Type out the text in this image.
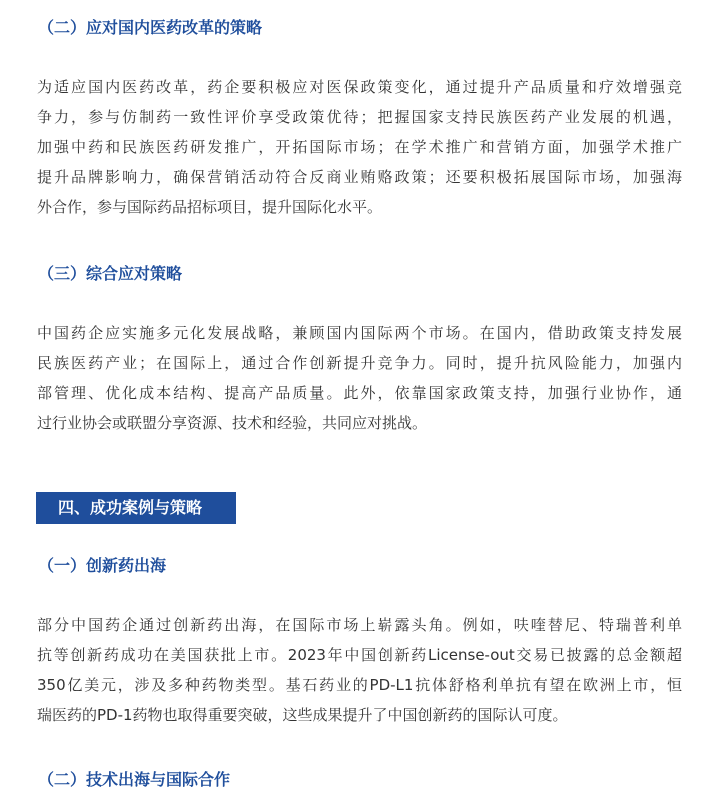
（二）应对国内医药改革的策略
为适应国内医药改革，药企要积极应对医保政策变化，通过提升产品质量和疗效增强竞
争力，参与仿制药一致性评价享受政策优待；把握国家支持民族医药产业发展的机遇，
加强中药和民族医药研发推广，开拓国际市场；在学术推广和营销方面，加强学术推广
提升品牌影响力，确保营销活动符合反商业贿赂政策；还要积极拓展国际市场，加强海
外合作，参与国际药品招标项目，提升国际化水平。
（三）综合应对策略
中国药企应实施多元化发展战略，兼顾国内国际两个市场。在国内，借助政策支持发展
民族医药产业；在国际上，通过合作创新提升竞争力。同时，提升抗风险能力，加强内
部管理、优化成本结构、提高产品质量。此外，依靠国家政策支持，加强行业协作，通
过行业协会或联盟分享资源、技术和经验，共同应对挑战。
四、成功案例与策略
（一）创新药出海
部分中国药企通过创新药出海，在国际市场上崭露头角。例如，呋喹替尼、特瑞普利单
抗等创新药成功在美国获批上市。2023年中国创新药License-out交易已披露的总金额超
350亿美元，涉及多种药物类型。基石药业的PD-L1抗体舒格利单抗有望在欧洲上市，恒
瑞医药的PD-1药物也取得重要突破，这些成果提升了中国创新药的国际认可度。
（二）技术出海与国际合作
